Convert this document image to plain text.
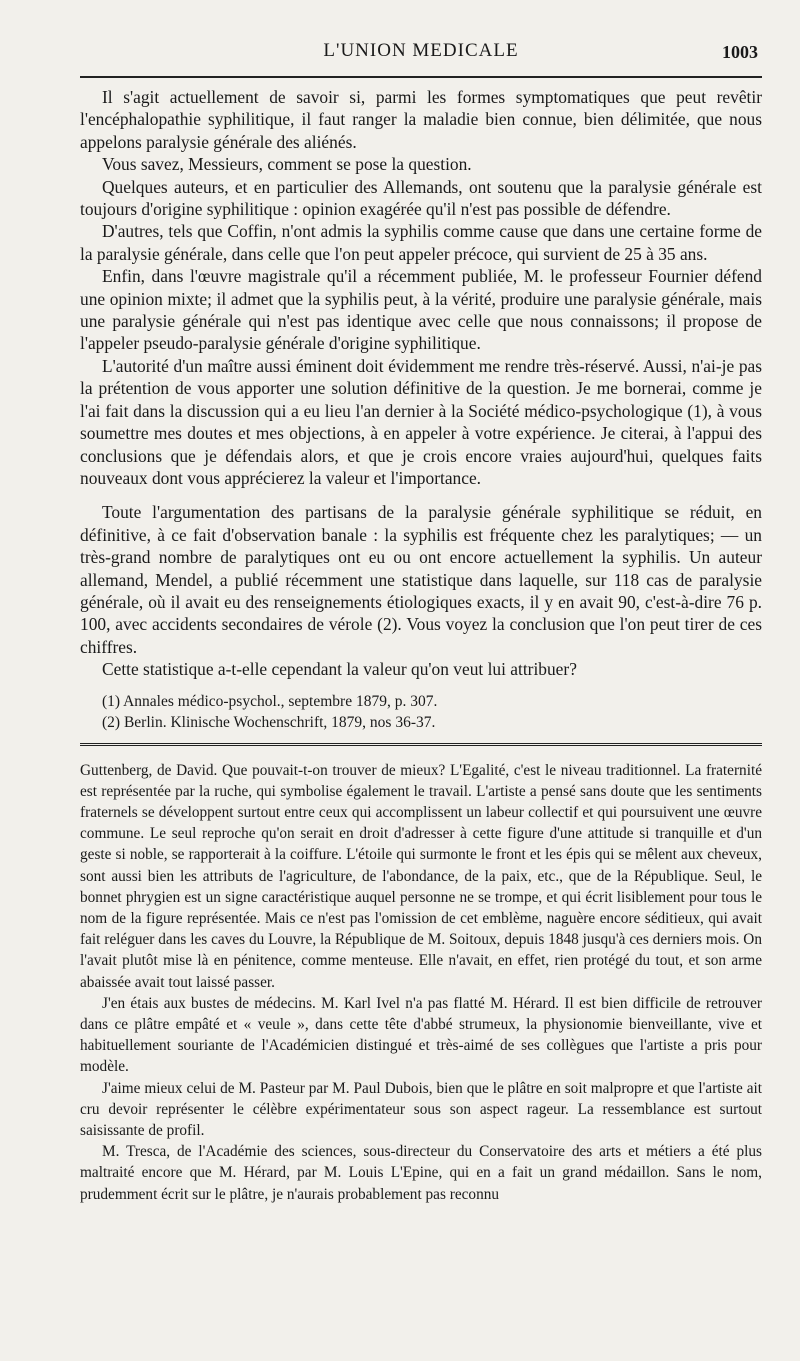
L'UNION MEDICALE	1003

Il s'agit actuellement de savoir si, parmi les formes symptomatiques que peut revêtir l'encéphalopathie syphilitique, il faut ranger la maladie bien connue, bien délimitée, que nous appelons paralysie générale des aliénés.

Vous savez, Messieurs, comment se pose la question.

Quelques auteurs, et en particulier des Allemands, ont soutenu que la paralysie générale est toujours d'origine syphilitique : opinion exagérée qu'il n'est pas possible de défendre.

D'autres, tels que Coffin, n'ont admis la syphilis comme cause que dans une certaine forme de la paralysie générale, dans celle que l'on peut appeler précoce, qui survient de 25 à 35 ans.

Enfin, dans l'œuvre magistrale qu'il a récemment publiée, M. le professeur Fournier défend une opinion mixte; il admet que la syphilis peut, à la vérité, produire une paralysie générale, mais une paralysie générale qui n'est pas identique avec celle que nous connaissons; il propose de l'appeler pseudo-paralysie générale d'origine syphilitique.

L'autorité d'un maître aussi éminent doit évidemment me rendre très-réservé. Aussi, n'ai-je pas la prétention de vous apporter une solution définitive de la question. Je me bornerai, comme je l'ai fait dans la discussion qui a eu lieu l'an dernier à la Société médico-psychologique (1), à vous soumettre mes doutes et mes objections, à en appeler à votre expérience. Je citerai, à l'appui des conclusions que je défendais alors, et que je crois encore vraies aujourd'hui, quelques faits nouveaux dont vous apprécierez la valeur et l'importance.

Toute l'argumentation des partisans de la paralysie générale syphilitique se réduit, en définitive, à ce fait d'observation banale : la syphilis est fréquente chez les paralytiques; — un très-grand nombre de paralytiques ont eu ou ont encore actuellement la syphilis. Un auteur allemand, Mendel, a publié récemment une statistique dans laquelle, sur 118 cas de paralysie générale, où il avait eu des renseignements étiologiques exacts, il y en avait 90, c'est-à-dire 76 p. 100, avec accidents secondaires de vérole (2). Vous voyez la conclusion que l'on peut tirer de ces chiffres.

Cette statistique a-t-elle cependant la valeur qu'on veut lui attribuer?

(1) Annales médico-psychol., septembre 1879, p. 307.

(2) Berlin. Klinische Wochenschrift, 1879, nos 36-37.

Guttenberg, de David. Que pouvait-t-on trouver de mieux? L'Egalité, c'est le niveau traditionnel. La fraternité est représentée par la ruche, qui symbolise également le travail. L'artiste a pensé sans doute que les sentiments fraternels se développent surtout entre ceux qui accomplissent un labeur collectif et qui poursuivent une œuvre commune. Le seul reproche qu'on serait en droit d'adresser à cette figure d'une attitude si tranquille et d'un geste si noble, se rapporterait à la coiffure. L'étoile qui surmonte le front et les épis qui se mêlent aux cheveux, sont aussi bien les attributs de l'agriculture, de l'abondance, de la paix, etc., que de la République. Seul, le bonnet phrygien est un signe caractéristique auquel personne ne se trompe, et qui écrit lisiblement pour tous le nom de la figure représentée. Mais ce n'est pas l'omission de cet emblème, naguère encore séditieux, qui avait fait reléguer dans les caves du Louvre, la République de M. Soitoux, depuis 1848 jusqu'à ces derniers mois. On l'avait plutôt mise là en pénitence, comme menteuse. Elle n'avait, en effet, rien protégé du tout, et son arme abaissée avait tout laissé passer.

J'en étais aux bustes de médecins. M. Karl Ivel n'a pas flatté M. Hérard. Il est bien difficile de retrouver dans ce plâtre empâté et « veule », dans cette tête d'abbé strumeux, la physionomie bienveillante, vive et habituellement souriante de l'Académicien distingué et très-aimé de ses collègues que l'artiste a pris pour modèle.

J'aime mieux celui de M. Pasteur par M. Paul Dubois, bien que le plâtre en soit malpropre et que l'artiste ait cru devoir représenter le célèbre expérimentateur sous son aspect rageur. La ressemblance est surtout saisissante de profil.

M. Tresca, de l'Académie des sciences, sous-directeur du Conservatoire des arts et métiers a été plus maltraité encore que M. Hérard, par M. Louis L'Epine, qui en a fait un grand médaillon. Sans le nom, prudemment écrit sur le plâtre, je n'aurais probablement pas reconnu
